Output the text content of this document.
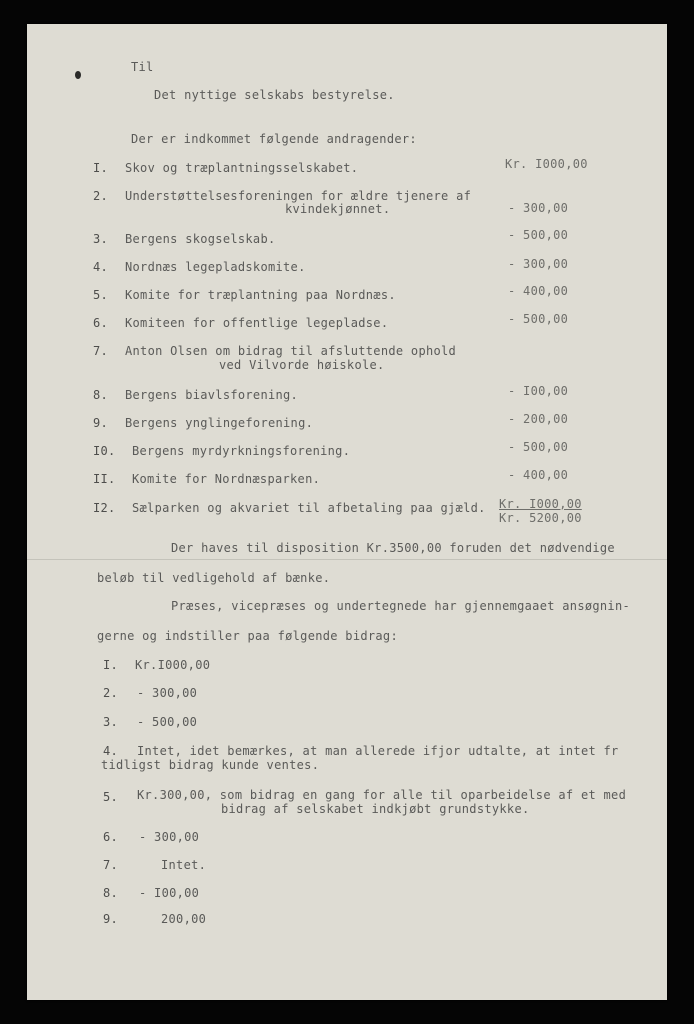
Til
Det nyttige selskabs bestyrelse.
Der er indkommet følgende andragender:
I. Skov og træplantningsselskabet.	Kr. I000,00
2. Understøttelsesforeningen for ældre tjenere af
kvindekjønnet.	- 300,00
3. Bergens skogselskab.	- 500,00
4. Nordnæs legepladskomite.	- 300,00
5. Komite for træplantning paa Nordnæs.	- 400,00
6. Komiteen for offentlige legepladse.	- 500,00
7. Anton Olsen om bidrag til afsluttende ophold
ved Vilvorde høiskole.
8. Bergens biavlsforening.	- I00,00
9. Bergens ynglingeforening.	- 200,00
I0. Bergens myrdyrkningsforening.	- 500,00
II. Komite for Nordnæsparken.	- 400,00
I2. Sælparken og akvariet til afbetaling paa gjæld. Kr. I000,00
Kr. 5200,00
Der haves til disposition Kr.3500,00 foruden det nødvendige
beløb til vedligehold af bænke.
Præses, vicepræses og undertegnede har gjennemgaaet ansøgnin-
gerne og indstiller paa følgende bidrag:
I. Kr.I000,00
2. - 300,00
3. - 500,00
4. Intet, idet bemærkes, at man allerede ifjor udtalte, at intet fr
tidligst bidrag kunde ventes.
5. Kr.300,00, som bidrag en gang for alle til oparbeidelse af et med
bidrag af selskabet indkjøbt grundstykke.
6. - 300,00
7.	Intet.
8. - I00,00
9.	200,00
